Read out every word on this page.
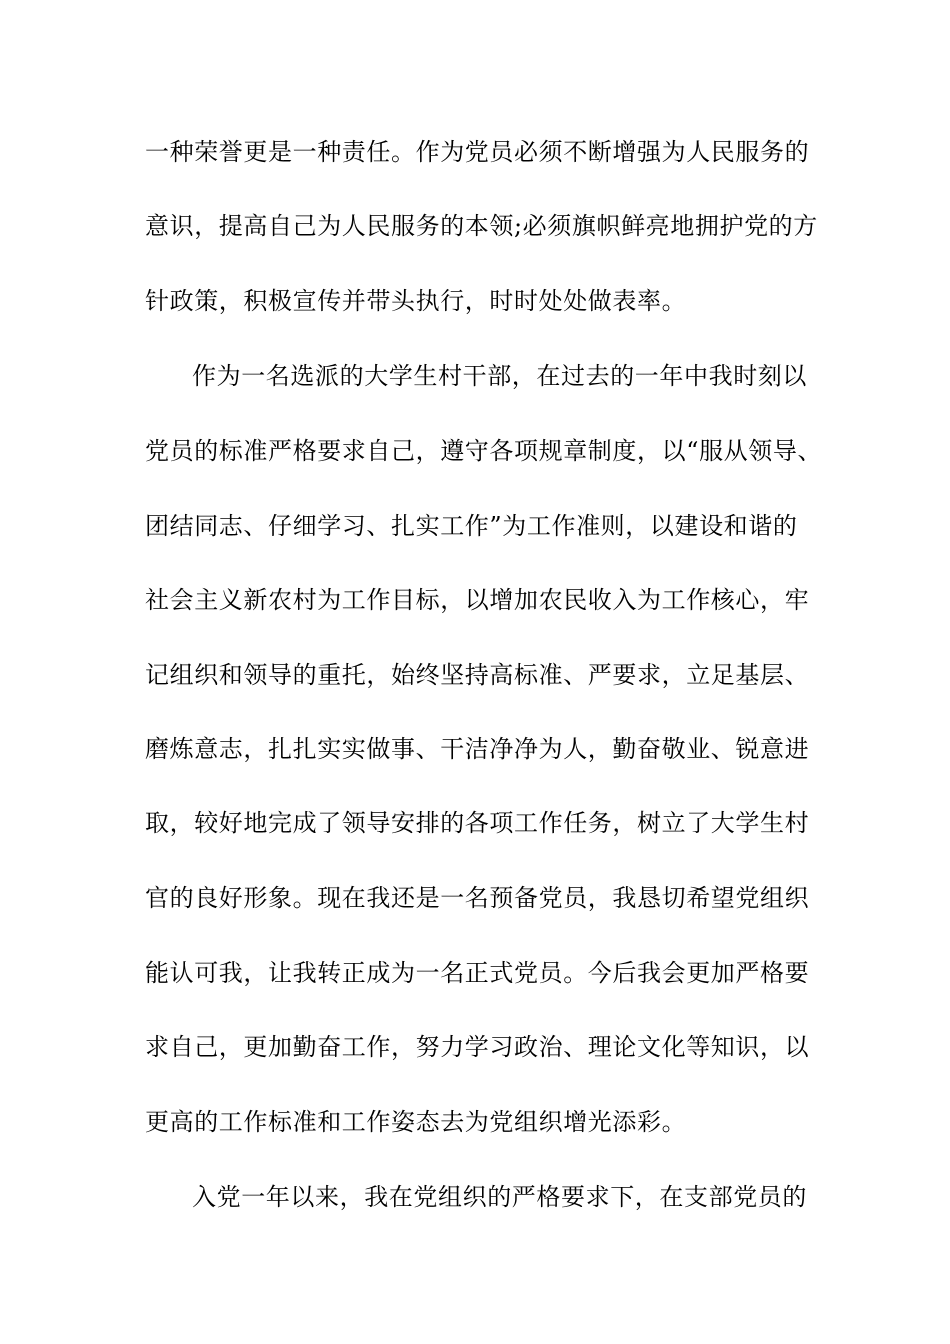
一种荣誉更是一种责任。作为党员必须不断增强为人民服务的
意识，提高自己为人民服务的本领;必须旗帜鲜亮地拥护党的方
针政策，积极宣传并带头执行，时时处处做表率。
作为一名选派的大学生村干部，在过去的一年中我时刻以
党员的标准严格要求自己，遵守各项规章制度，以“服从领导、
团结同志、仔细学习、扎实工作”为工作准则，以建设和谐的
社会主义新农村为工作目标，以增加农民收入为工作核心，牢
记组织和领导的重托，始终坚持高标准、严要求，立足基层、
磨炼意志，扎扎实实做事、干洁净净为人，勤奋敬业、锐意进
取，较好地完成了领导安排的各项工作任务，树立了大学生村
官的良好形象。现在我还是一名预备党员，我恳切希望党组织
能认可我，让我转正成为一名正式党员。今后我会更加严格要
求自己，更加勤奋工作，努力学习政治、理论文化等知识，以
更高的工作标准和工作姿态去为党组织增光添彩。
入党一年以来，我在党组织的严格要求下，在支部党员的
